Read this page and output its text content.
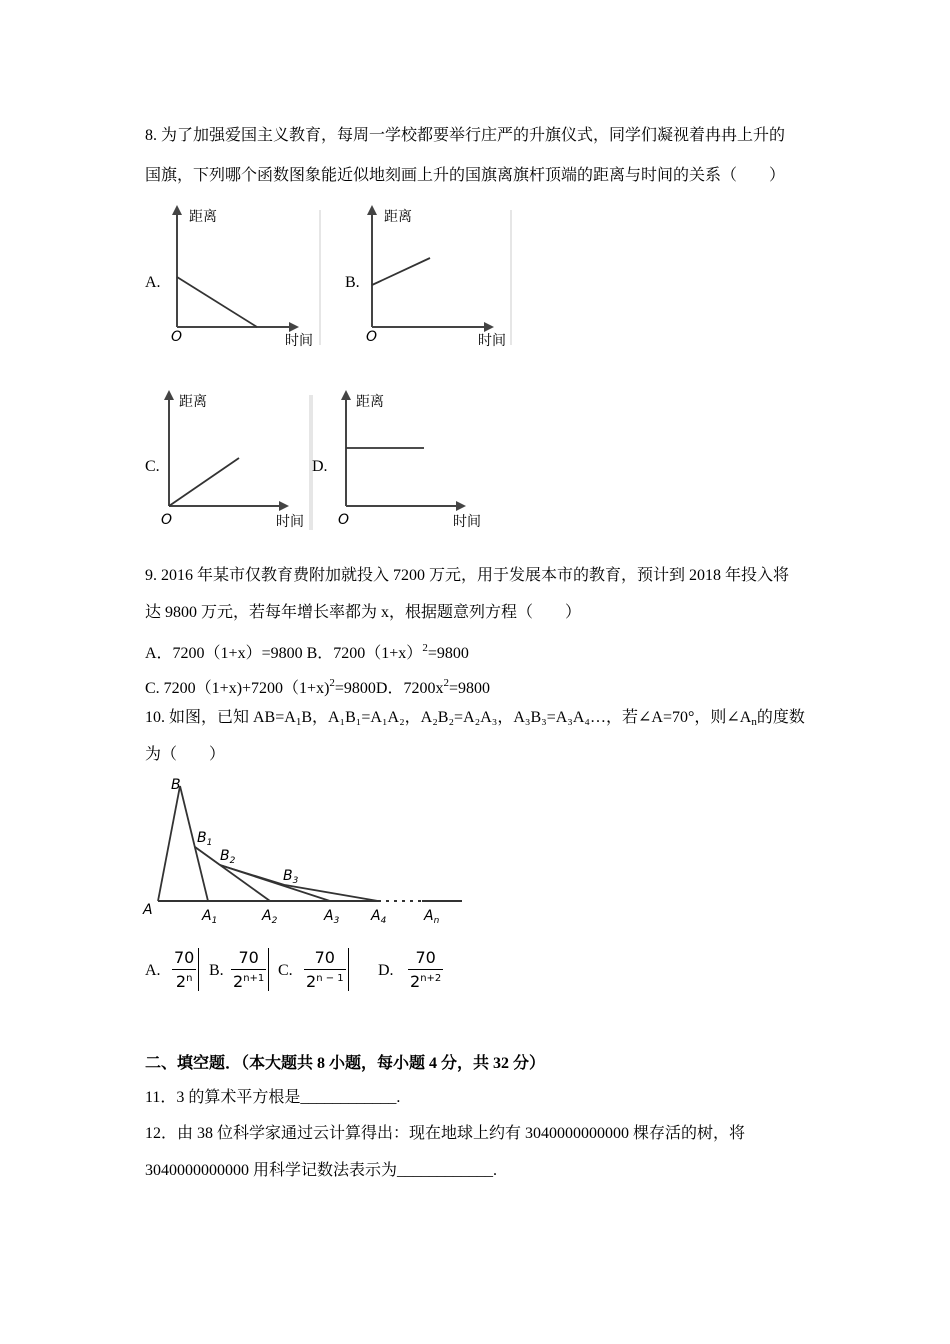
8. 为了加强爱国主义教育，每周一学校都要举行庄严的升旗仪式，同学们凝视着冉冉上升的
国旗，下列哪个函数图象能近似地刻画上升的国旗离旗杆顶端的距离与时间的关系（　　）
A.
距离
时间
O
B.
距离
时间
O
C.
距离
时间
O
D.
距离
时间
O
9. 2016 年某市仅教育费附加就投入 7200 万元，用于发展本市的教育，预计到 2018 年投入将
达 9800 万元，若每年增长率都为 x，根据题意列方程（　　）
A．7200（1+x）=9800 B．$7200(1+x)^2=9800$
C. 7200（1+x)+7200（1+x)$^2$=9800D．$7200x^2=9800$
10. 如图，已知 $AB=A_1B$，A₁B₁=A₁A₂，A₂B₂=A₂A₃，A₃B₃=A₃A₄…，若∠A=70°，则$\angle A_n$的度数
为（　　）
B
$B_1$
$B_2$
$B_3$
A	$A_1$	$A_2$	$A_3$ $A_4$	$A_n$
A.
70
2$^n$ B.
70
$2^{n+1}$ C.
70
$2^{n - 1}$ D.
70
$2^{n+2}$
二、填空题．（本大题共 8 小题，每小题 4 分，共 32 分）
11．3 的算术平方根是____________.
12．由 38 位科学家通过云计算得出：现在地球上约有 3040000000000 棵存活的树，将
3040000000000 用科学记数法表示为____________.
